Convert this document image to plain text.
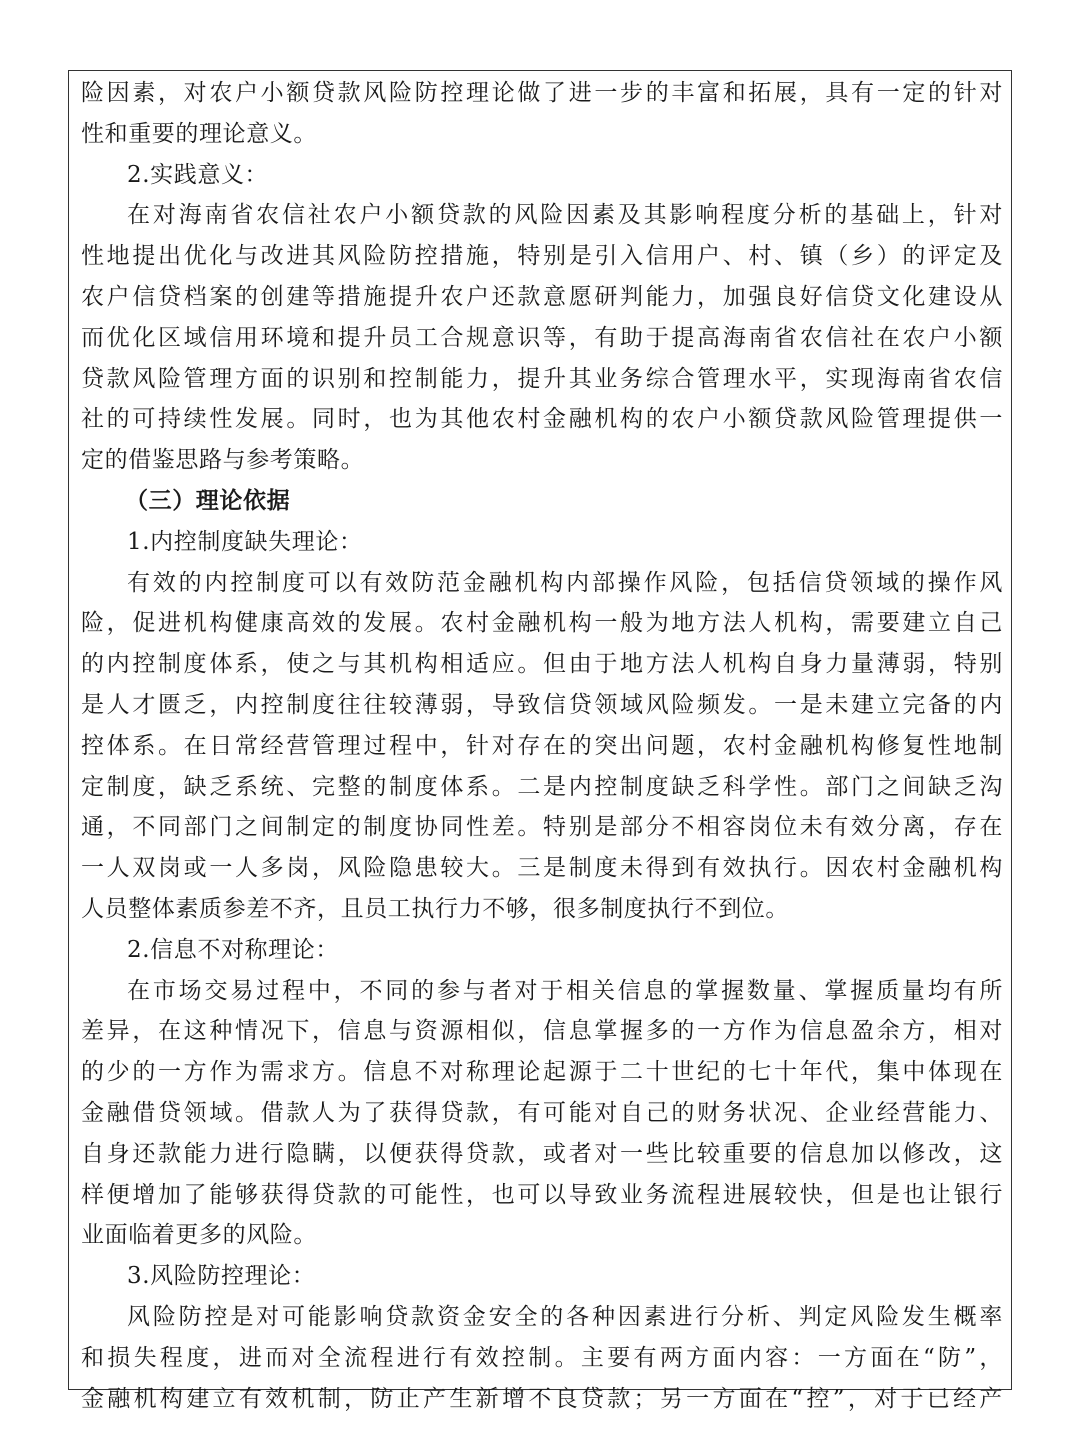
险因素，对农户小额贷款风险防控理论做了进一步的丰富和拓展，具有一定的针对
性和重要的理论意义。
2.实践意义：
在对海南省农信社农户小额贷款的风险因素及其影响程度分析的基础上，针对
性地提出优化与改进其风险防控措施，特别是引入信用户、村、镇（乡）的评定及
农户信贷档案的创建等措施提升农户还款意愿研判能力，加强良好信贷文化建设从
而优化区域信用环境和提升员工合规意识等，有助于提高海南省农信社在农户小额
贷款风险管理方面的识别和控制能力，提升其业务综合管理水平，实现海南省农信
社的可持续性发展。同时，也为其他农村金融机构的农户小额贷款风险管理提供一
定的借鉴思路与参考策略。
（三）理论依据
1.内控制度缺失理论：
有效的内控制度可以有效防范金融机构内部操作风险，包括信贷领域的操作风
险，促进机构健康高效的发展。农村金融机构一般为地方法人机构，需要建立自己
的内控制度体系，使之与其机构相适应。但由于地方法人机构自身力量薄弱，特别
是人才匮乏，内控制度往往较薄弱，导致信贷领域风险频发。一是未建立完备的内
控体系。在日常经营管理过程中，针对存在的突出问题，农村金融机构修复性地制
定制度，缺乏系统、完整的制度体系。二是内控制度缺乏科学性。部门之间缺乏沟
通，不同部门之间制定的制度协同性差。特别是部分不相容岗位未有效分离，存在
一人双岗或一人多岗，风险隐患较大。三是制度未得到有效执行。因农村金融机构
人员整体素质参差不齐，且员工执行力不够，很多制度执行不到位。
2.信息不对称理论：
在市场交易过程中，不同的参与者对于相关信息的掌握数量、掌握质量均有所
差异，在这种情况下，信息与资源相似，信息掌握多的一方作为信息盈余方，相对
的少的一方作为需求方。信息不对称理论起源于二十世纪的七十年代，集中体现在
金融借贷领域。借款人为了获得贷款，有可能对自己的财务状况、企业经营能力、
自身还款能力进行隐瞒，以便获得贷款，或者对一些比较重要的信息加以修改，这
样便增加了能够获得贷款的可能性，也可以导致业务流程进展较快，但是也让银行
业面临着更多的风险。
3.风险防控理论：
风险防控是对可能影响贷款资金安全的各种因素进行分析、判定风险发生概率
和损失程度，进而对全流程进行有效控制。主要有两方面内容：一方面在“防”，
金融机构建立有效机制，防止产生新增不良贷款；另一方面在“控”，对于已经产
